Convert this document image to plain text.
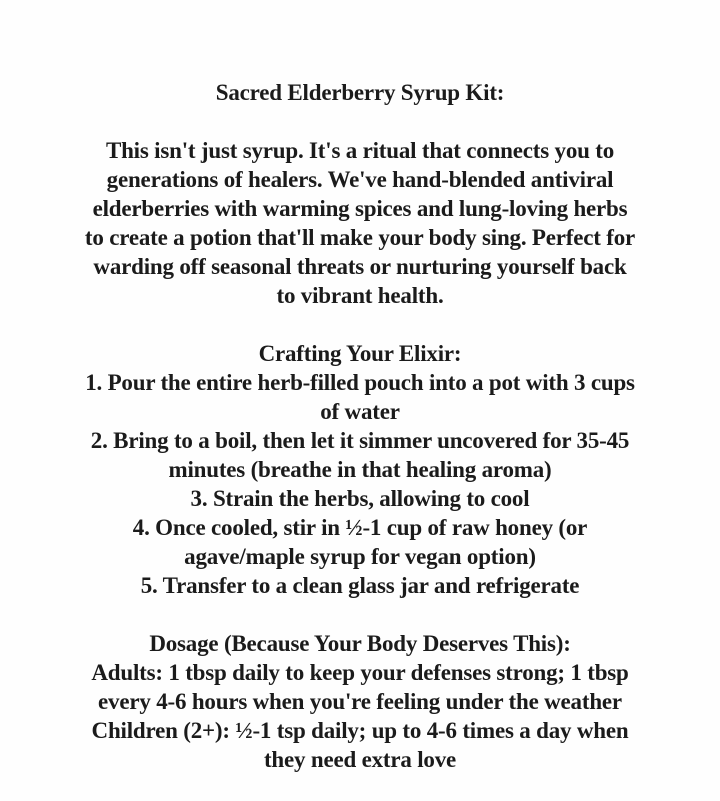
Sacred Elderberry Syrup Kit:
This isn't just syrup. It's a ritual that connects you to
generations of healers. We've hand-blended antiviral
elderberries with warming spices and lung-loving herbs
to create a potion that'll make your body sing. Perfect for
warding off seasonal threats or nurturing yourself back
to vibrant health.
Crafting Your Elixir:
1. Pour the entire herb-filled pouch into a pot with 3 cups
of water
2. Bring to a boil, then let it simmer uncovered for 35-45
minutes (breathe in that healing aroma)
3. Strain the herbs, allowing to cool
4. Once cooled, stir in ½-1 cup of raw honey (or
agave/maple syrup for vegan option)
5. Transfer to a clean glass jar and refrigerate
Dosage (Because Your Body Deserves This):
Adults: 1 tbsp daily to keep your defenses strong; 1 tbsp
every 4-6 hours when you're feeling under the weather
Children (2+): ½-1 tsp daily; up to 4-6 times a day when
they need extra love
